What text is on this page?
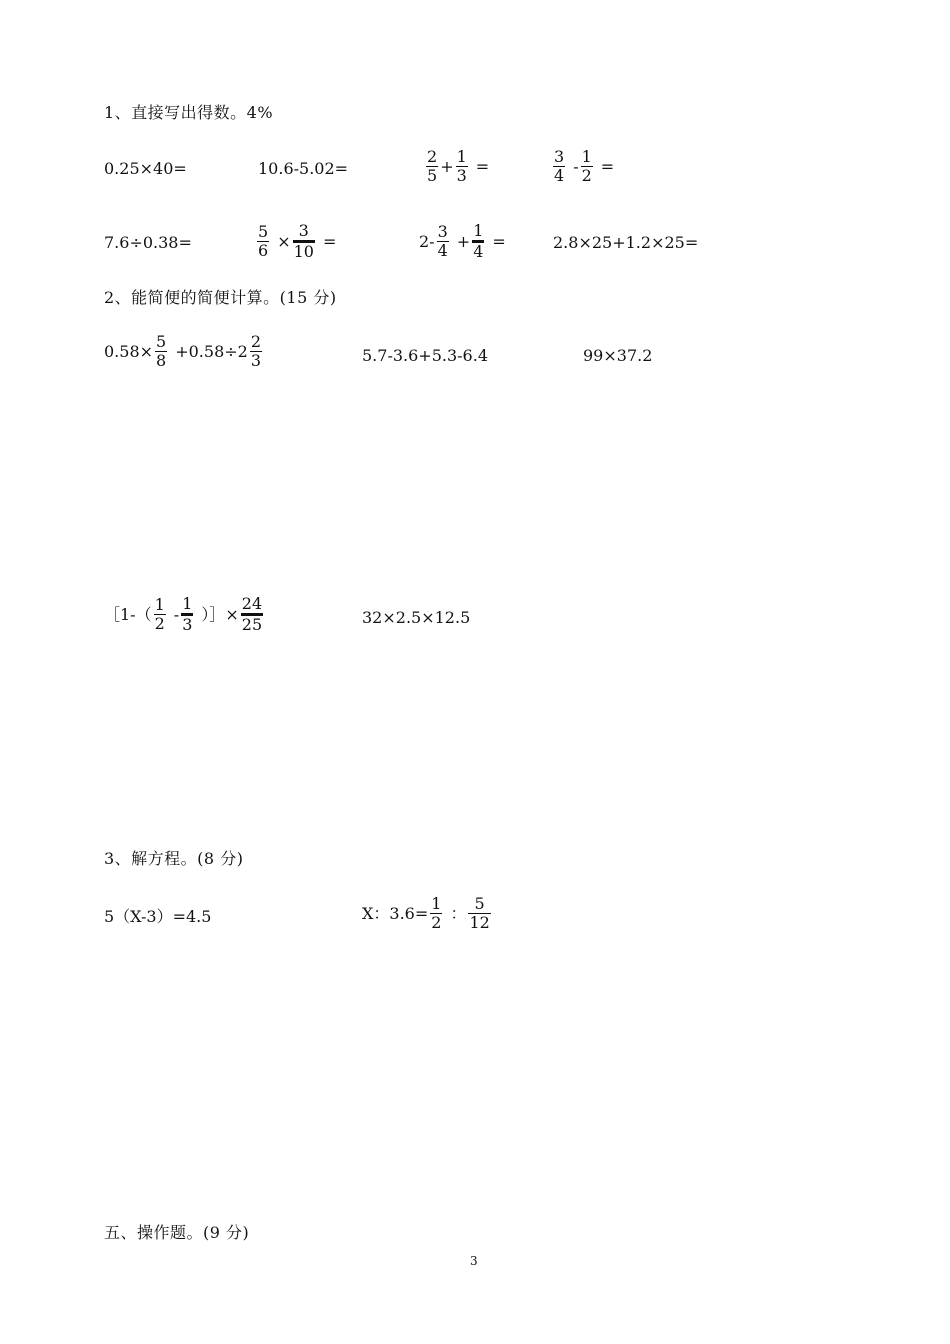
1、直接写出得数。4%
0.25×40=	10.6-5.02=	$\frac{2}{5} + \frac{1}{3}$ =	$\frac{3}{4} - \frac{1}{2}$ =
7.6÷0.38=	$\frac{5}{6} \times \frac{3}{10}$ =	$2- \frac{3}{4} + \frac{1}{4}$ =	2.8×25+1.2×25=
2、能简便的简便计算。(15 分)
$0.58\times \frac{5}{8} +0.58\div 2 \frac{2}{3}$	5.7-3.6+5.3-6.4	99×37.2
［1-（ $\frac{1}{2} - \frac{1}{3}$ ）］× $\frac{24}{25}$	32×2.5×12.5
3、解方程。(8 分)
5（X-3）=4.5	X：$3.6= \frac{1}{2}$ ： $\frac{5}{12}$
五、操作题。(9 分)
3
